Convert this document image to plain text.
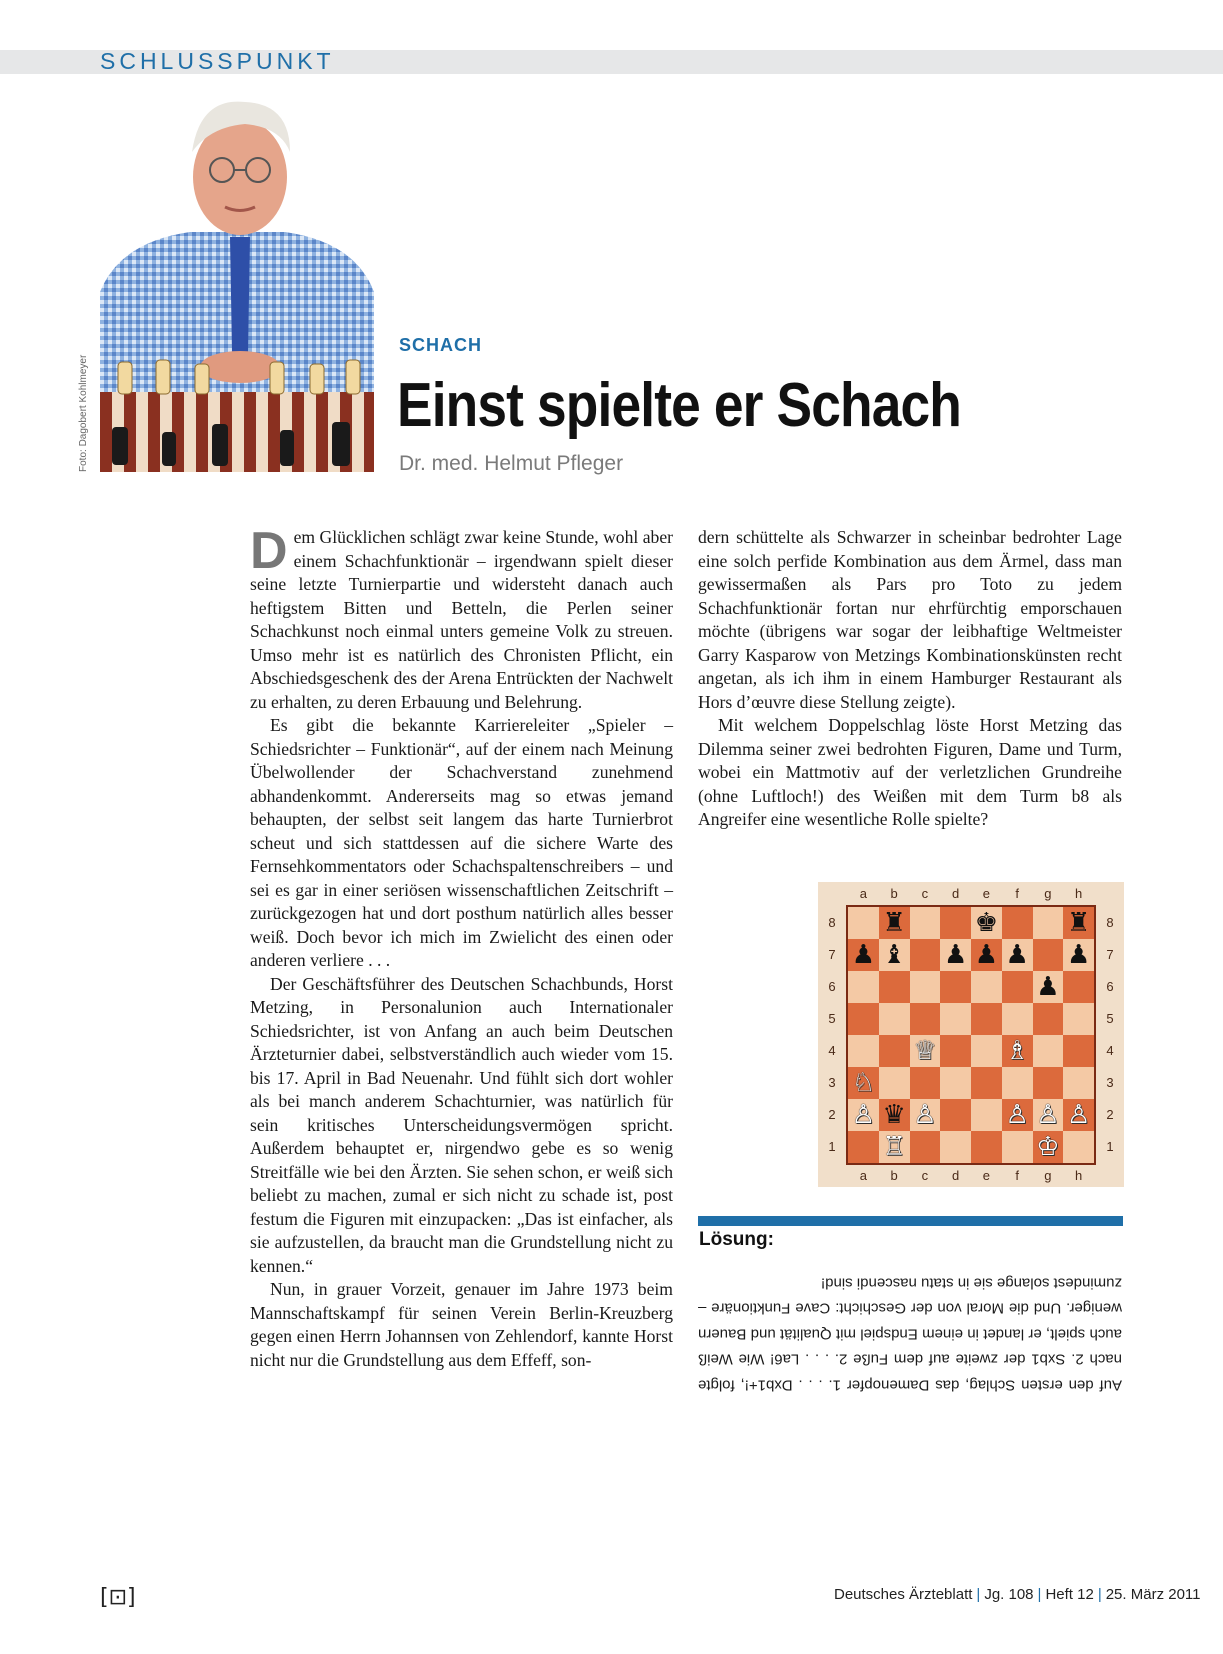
SCHLUSSPUNKT
Foto: Dagobert Kohlmeyer
SCHACH
Einst spielte er Schach
Dr. med. Helmut Pfleger

Dem Glücklichen schlägt zwar keine Stunde, wohl aber einem Schachfunktionär – irgendwann spielt dieser seine letzte Turnierpartie und widersteht danach auch heftigstem Bitten und Betteln, die Perlen seiner Schachkunst noch einmal unters gemeine Volk zu streuen. Umso mehr ist es natürlich des Chronisten Pflicht, ein Abschiedsgeschenk des der Arena Entrückten der Nachwelt zu erhalten, zu deren Erbauung und Belehrung.

Es gibt die bekannte Karriereleiter „Spieler – Schiedsrichter – Funktionär“, auf der einem nach Meinung Übelwollender der Schachverstand zunehmend abhandenkommt. Andererseits mag so etwas jemand behaupten, der selbst seit langem das harte Turnierbrot scheut und sich stattdessen auf die sichere Warte des Fernsehkommentators oder Schachspaltenschreibers – und sei es gar in einer seriösen wissenschaftlichen Zeitschrift – zurückgezogen hat und dort posthum natürlich alles besser weiß. Doch bevor ich mich im Zwielicht des einen oder anderen verliere . . .

Der Geschäftsführer des Deutschen Schachbunds, Horst Metzing, in Personalunion auch Internationaler Schiedsrichter, ist von Anfang an auch beim Deutschen Ärzteturnier dabei, selbstverständlich auch wieder vom 15. bis 17. April in Bad Neuenahr. Und fühlt sich dort wohler als bei manch anderem Schachturnier, was natürlich für sein kritisches Unterscheidungsvermögen spricht. Außerdem behauptet er, nirgendwo gebe es so wenig Streitfälle wie bei den Ärzten. Sie sehen schon, er weiß sich beliebt zu machen, zumal er sich nicht zu schade ist, post festum die Figuren mit einzupacken: „Das ist einfacher, als sie aufzustellen, da braucht man die Grundstellung nicht zu kennen.“

Nun, in grauer Vorzeit, genauer im Jahre 1973 beim Mannschaftskampf für seinen Verein Berlin-Kreuzberg gegen einen Herrn Johannsen von Zehlendorf, kannte Horst nicht nur die Grundstellung aus dem Effeff, son-

dern schüttelte als Schwarzer in scheinbar bedrohter Lage eine solch perfide Kombination aus dem Ärmel, dass man gewissermaßen als Pars pro Toto zu jedem Schachfunktionär fortan nur ehrfürchtig emporschauen möchte (übrigens war sogar der leibhaftige Weltmeister Garry Kasparow von Metzings Kombinationskünsten recht angetan, als ich ihm in einem Hamburger Restaurant als Hors d’œuvre diese Stellung zeigte).

Mit welchem Doppelschlag löste Horst Metzing das Dilemma seiner zwei bedrohten Figuren, Dame und Turm, wobei ein Mattmotiv auf der verletzlichen Grundreihe (ohne Luftloch!) des Weißen mit dem Turm b8 als Angreifer eine wesentliche Rolle spielte?

a	b	c	d	e	f	g	h
a	b	c	d	e	f	g	h
8
7
6
5
4
3
2
1
8
7
6
5
4
3
2
1
♜	♚	♜
♟ ♝ ♟ ♟ ♟ ♟
♟
♕	♗
♘
♙ ♛ ♙	♙ ♙ ♙
♖	♔
Lösung:

Auf den ersten Schlag, das Damenopfer 1. . . . Dxb1+!, folgte nach 2. Sxb1 der zweite auf dem Fuße 2. . . . La6! Wie Weiß auch spielt, er landet in einem Endspiel mit Qualität und Bauern weniger. Und die Moral von der Geschicht: Cave Funktionäre – zumindest solange sie in statu nascendi sind!

[⊡]	Deutsches Ärzteblatt | Jg. 108 | Heft 12 | 25. März 2011
